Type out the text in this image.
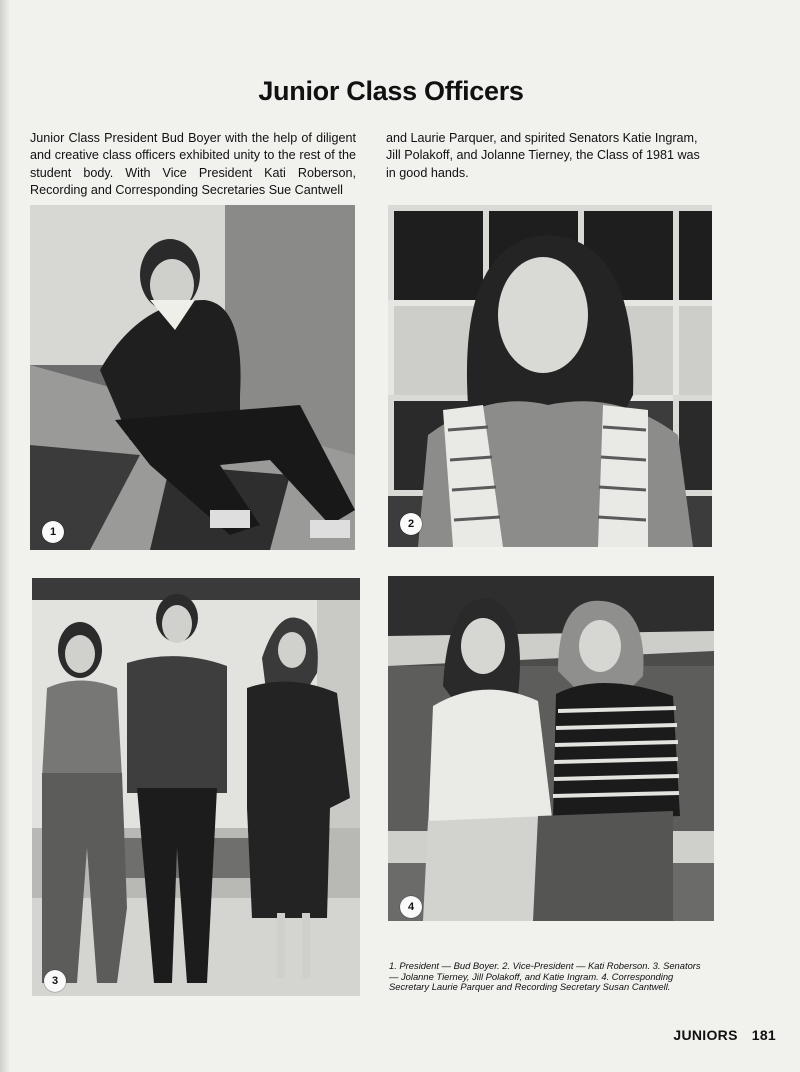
Junior Class Officers

Junior Class President Bud Boyer with the help of diligent and creative class officers exhibited unity to the rest of the student body. With Vice President Kati Roberson, Recording and Corresponding Secretaries Sue Cantwell

and Laurie Parquer, and spirited Senators Katie Ingram, Jill Polakoff, and Jolanne Tierney, the Class of 1981 was in good hands.

1
2
3
4

1. President — Bud Boyer. 2. Vice-President — Kati Roberson. 3. Senators — Jolanne Tierney, Jill Polakoff, and Katie Ingram. 4. Corresponding Secretary Laurie Parquer and Recording Secretary Susan Cantwell.

JUNIORS 181
